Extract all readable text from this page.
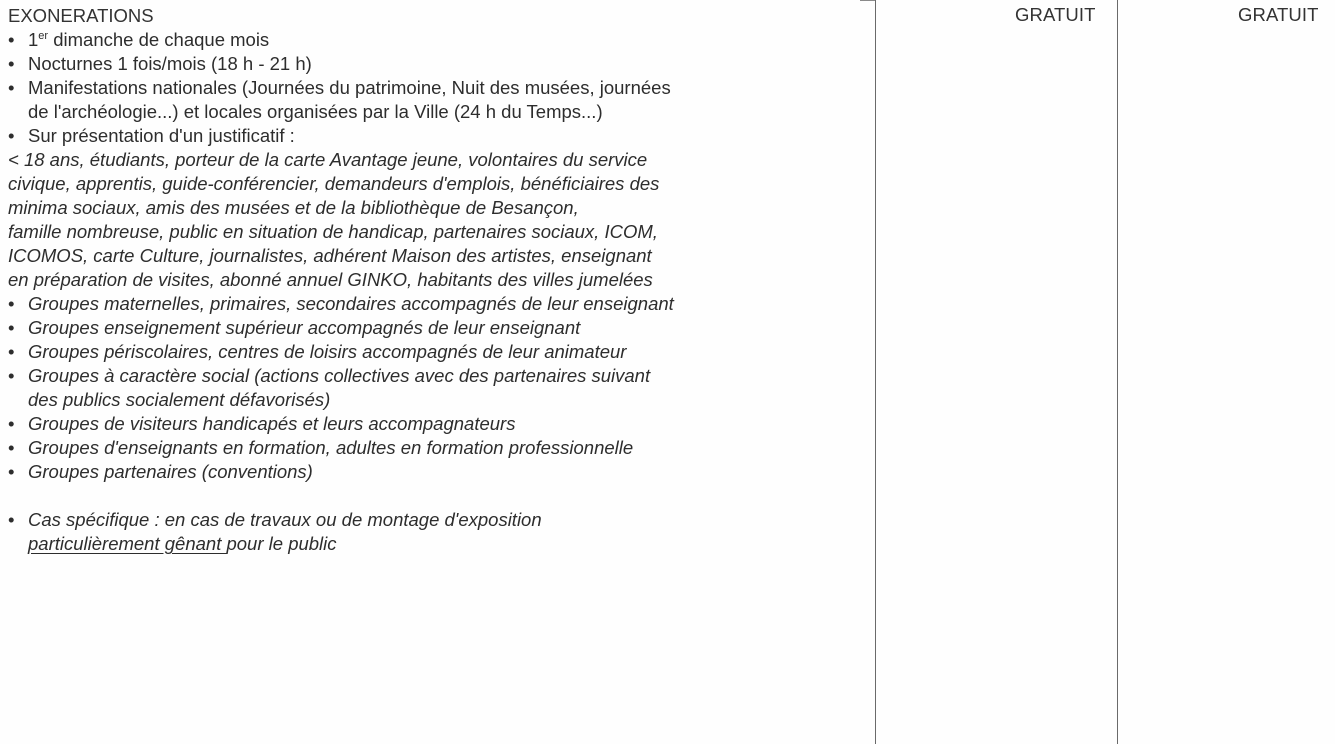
GRATUIT	GRATUIT
EXONERATIONS
• 1er dimanche de chaque mois
• Nocturnes 1 fois/mois (18 h - 21 h)
• Manifestations nationales (Journées du patrimoine, Nuit des musées, journées
de l'archéologie...) et locales organisées par la Ville (24 h du Temps...)
• Sur présentation d'un justificatif :
< 18 ans, étudiants, porteur de la carte Avantage jeune, volontaires du service
civique, apprentis, guide-conférencier, demandeurs d'emplois, bénéficiaires des
minima sociaux, amis des musées et de la bibliothèque de Besançon,
famille nombreuse, public en situation de handicap, partenaires sociaux, ICOM,
ICOMOS, carte Culture, journalistes, adhérent Maison des artistes, enseignant
en préparation de visites, abonné annuel GINKO, habitants des villes jumelées
• Groupes maternelles, primaires, secondaires accompagnés de leur enseignant
• Groupes enseignement supérieur accompagnés de leur enseignant
• Groupes périscolaires, centres de loisirs accompagnés de leur animateur
• Groupes à caractère social (actions collectives avec des partenaires suivant
des publics socialement défavorisés)
• Groupes de visiteurs handicapés et leurs accompagnateurs
• Groupes d'enseignants en formation, adultes en formation professionnelle
• Groupes partenaires (conventions)
• Cas spécifique : en cas de travaux ou de montage d'exposition
particulièrement gênant pour le public
